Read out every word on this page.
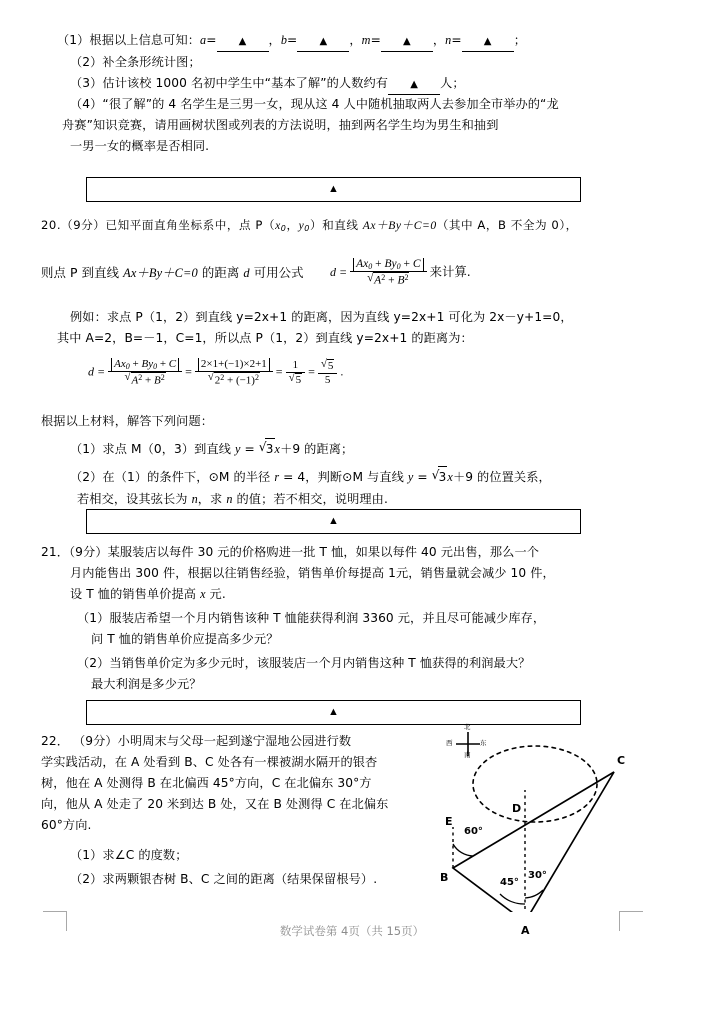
（1）根据以上信息可知：a= ▲ ，b= ▲ ，m= ▲ ，n= ▲ ；
（2）补全条形统计图；
（3）估计该校 1000 名初中学生中“基本了解”的人数约有 ▲ 人；
（4）“很了解”的 4 名学生是三男一女，现从这 4 人中随机抽取两人去参加全市举办的“龙
舟赛”知识竞赛，请用画树状图或列表的方法说明，抽到两名学生均为男生和抽到
一男一女的概率是否相同.
▲
20.（9分）已知平面直角坐标系中，点 $P(x_0$，$y_0$）和直线 Ax＋By＋C=0（其中 A，B 不全为 0），
则点 P 到直线 Ax＋By＋C=0 的距离 d 可用公式 $d = Ax_0 + By_0 + C$
√ $A^2 + B^2$ 来计算.
例如：求点 P（1，2）到直线 y=2x+1 的距离，因为直线 y=2x+1 可化为 2x－y+1=0，
其中 A=2，B=－1，C=1，所以点 P（1，2）到直线 y=2x+1 的距离为：
$d = Ax_0 + By_0 + C$
√ $A^2 + B^2 = 2\times 1+(-1)\times 2+1$
√ $2^2 + (-1)^2 = 1$
√ 5 = √ $\frac{5}{5}$ .
根据以上材料，解答下列问题：
（1）求点 M（0，3）到直线 y = √ 3x＋9 的距离；
（2）在（1）的条件下，⊙M 的半径 r = 4，判断⊙M 与直线 y = √ 3x＋9 的位置关系，
若相交，设其弦长为 n，求 n 的值；若不相交，说明理由.
▲
21．（9分）某服装店以每件 30 元的价格购进一批 T 恤，如果以每件 40 元出售，那么一个
月内能售出 300 件，根据以往销售经验，销售单价每提高 1元，销售量就会减少 10 件，
设 T 恤的销售单价提高 x 元.
（1）服装店希望一个月内销售该种 T 恤能获得利润 3360 元，并且尽可能减少库存，
问 T 恤的销售单价应提高多少元？
（2）当销售单价定为多少元时，该服装店一个月内销售这种 T 恤获得的利润最大？
最大利润是多少元？
▲
22． （9分）小明周末与父母一起到遂宁湿地公园进行数
学实践活动，在 A 处看到 B、C 处各有一棵被湖水隔开的银杏
树，他在 A 处测得 B 在北偏西 45°方向，C 在北偏东 30°方
向，他从 A 处走了 20 米到达 B 处，又在 B 处测得 C 在北偏东
60°方向.
（1）求∠C 的度数；
（2）求两颗银杏树 B、C 之间的距离（结果保留根号）.
C
B
A
D
E
60°
45°
30°
北
南
西	东
数学试卷第 4页（共 15页）
